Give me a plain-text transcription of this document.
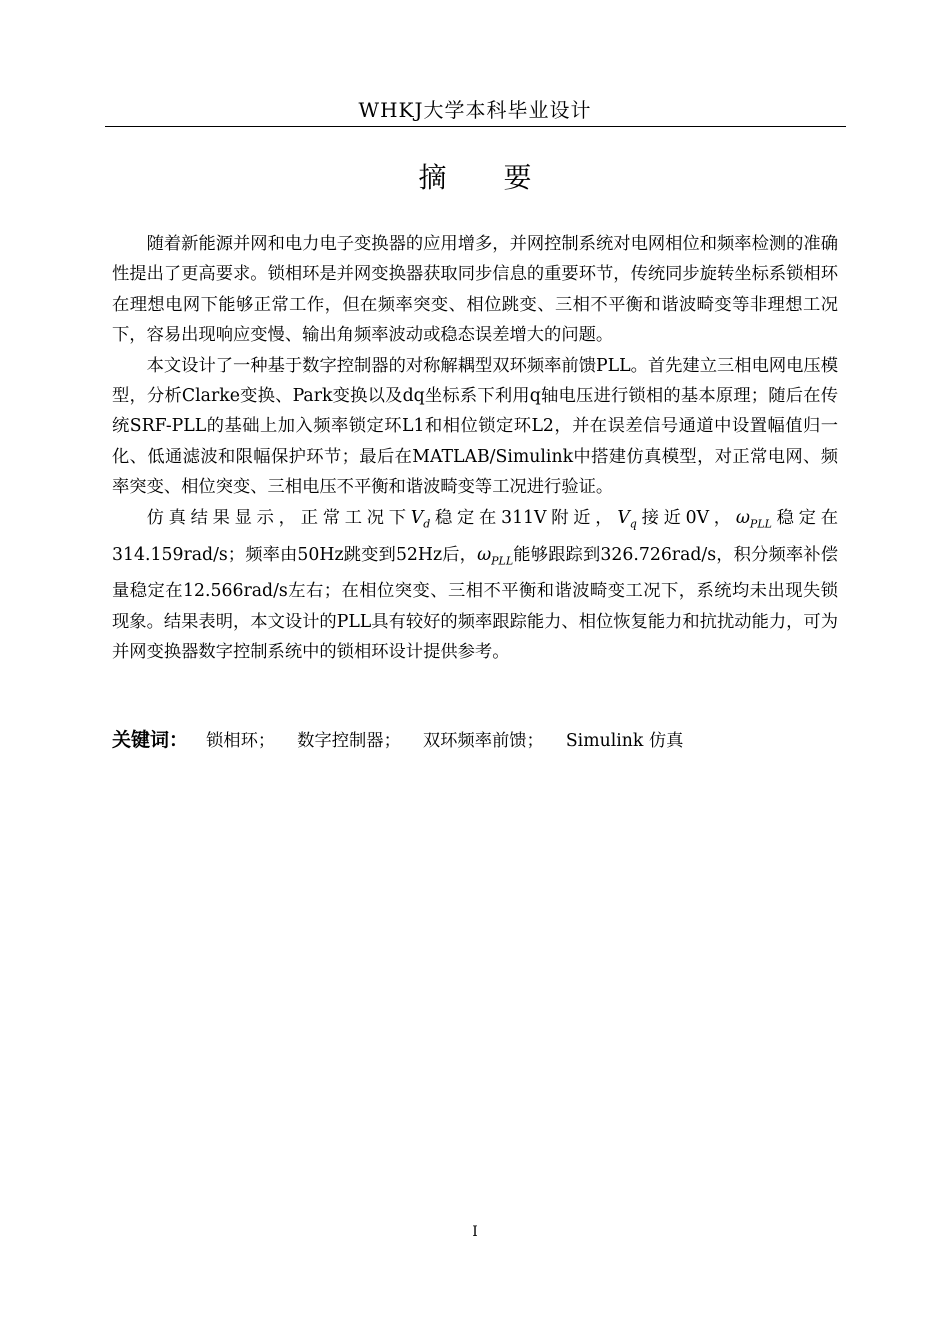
WHKJ大学本科毕业设计
摘 要

随着新能源并网和电力电子变换器的应用增多，并网控制系统对电网相位和频率检测的准确性提出了更高要求。锁相环是并网变换器获取同步信息的重要环节，传统同步旋转坐标系锁相环在理想电网下能够正常工作，但在频率突变、相位跳变、三相不平衡和谐波畸变等非理想工况下，容易出现响应变慢、输出角频率波动或稳态误差增大的问题。

本文设计了一种基于数字控制器的对称解耦型双环频率前馈PLL。首先建立三相电网电压模型，分析Clarke变换、Park变换以及dq坐标系下利用q轴电压进行锁相的基本原理；随后在传统SRF-PLL的基础上加入频率锁定环L1和相位锁定环L2，并在误差信号通道中设置幅值归一化、低通滤波和限幅保护环节；最后在MATLAB/Simulink中搭建仿真模型，对正常电网、频率突变、相位突变、三相电压不平衡和谐波畸变等工况进行验证。

仿真结果显示，正常工况下$V_d$稳定在311V附近，$V_q$接近0V，$\omega_{PLL}$稳定在314.159rad/s；频率由50Hz跳变到52Hz后，$\omega_{PLL}$能够跟踪到326.726rad/s，积分频率补偿量稳定在12.566rad/s左右；在相位突变、三相不平衡和谐波畸变工况下，系统均未出现失锁现象。结果表明，本文设计的PLL具有较好的频率跟踪能力、相位恢复能力和抗扰动能力，可为并网变换器数字控制系统中的锁相环设计提供参考。

关键词： 锁相环； 数字控制器； 双环频率前馈； Simulink 仿真
I
